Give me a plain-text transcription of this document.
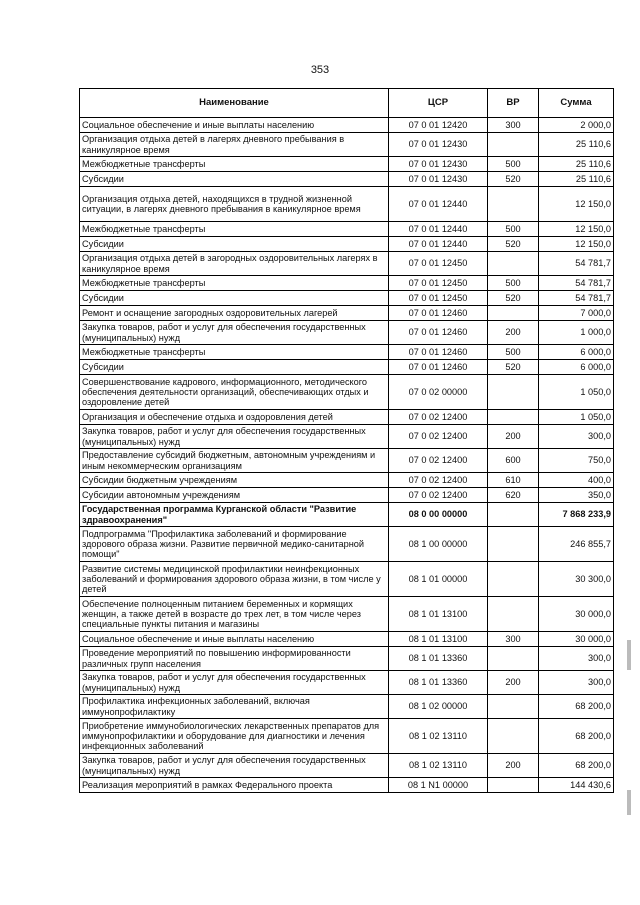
353
Наименование	ЦСР	ВР	Сумма
Социальное обеспечение и иные выплаты населению	07 0 01 12420	300	2 000,0
Организация отдыха детей в лагерях дневного пребывания в каникулярное время	07 0 01 12430		25 110,6
Межбюджетные трансферты	07 0 01 12430	500	25 110,6
Субсидии	07 0 01 12430	520	25 110,6
Организация отдыха детей, находящихся в трудной жизненной ситуации, в лагерях дневного пребывания в каникулярное время	07 0 01 12440		12 150,0
Межбюджетные трансферты	07 0 01 12440	500	12 150,0
Субсидии	07 0 01 12440	520	12 150,0
Организация отдыха детей в загородных оздоровительных лагерях в каникулярное время	07 0 01 12450		54 781,7
Межбюджетные трансферты	07 0 01 12450	500	54 781,7
Субсидии	07 0 01 12450	520	54 781,7
Ремонт и оснащение загородных оздоровительных лагерей	07 0 01 12460		7 000,0
Закупка товаров, работ и услуг для обеспечения государственных (муниципальных) нужд	07 0 01 12460	200	1 000,0
Межбюджетные трансферты	07 0 01 12460	500	6 000,0
Субсидии	07 0 01 12460	520	6 000,0
Совершенствование кадрового, информационного, методического обеспечения деятельности организаций, обеспечивающих отдых и оздоровление детей	07 0 02 00000		1 050,0
Организация и обеспечение отдыха и оздоровления детей	07 0 02 12400		1 050,0
Закупка товаров, работ и услуг для обеспечения государственных (муниципальных) нужд	07 0 02 12400	200	300,0
Предоставление субсидий бюджетным, автономным учреждениям и иным некоммерческим организациям	07 0 02 12400	600	750,0
Субсидии бюджетным учреждениям	07 0 02 12400	610	400,0
Субсидии автономным учреждениям	07 0 02 12400	620	350,0
Государственная программа Курганской области "Развитие здравоохранения"	08 0 00 00000		7 868 233,9
Подпрограмма "Профилактика заболеваний и формирование здорового образа жизни. Развитие первичной медико-санитарной помощи"	08 1 00 00000		246 855,7
Развитие системы медицинской профилактики неинфекционных заболеваний и формирования здорового образа жизни, в том числе у детей	08 1 01 00000		30 300,0
Обеспечение полноценным питанием беременных и кормящих женщин, а также детей в возрасте до трех лет, в том числе через специальные пункты питания и магазины	08 1 01 13100		30 000,0
Социальное обеспечение и иные выплаты населению	08 1 01 13100	300	30 000,0
Проведение мероприятий по повышению информированности различных групп населения	08 1 01 13360		300,0
Закупка товаров, работ и услуг для обеспечения государственных (муниципальных) нужд	08 1 01 13360	200	300,0
Профилактика инфекционных заболеваний, включая иммунопрофилактику	08 1 02 00000		68 200,0
Приобретение иммунобиологических лекарственных препаратов для иммунопрофилактики и оборудование для диагностики и лечения инфекционных заболеваний	08 1 02 13110		68 200,0
Закупка товаров, работ и услуг для обеспечения государственных (муниципальных) нужд	08 1 02 13110	200	68 200,0
Реализация мероприятий в рамках Федерального проекта	08 1 N1 00000		144 430,6
